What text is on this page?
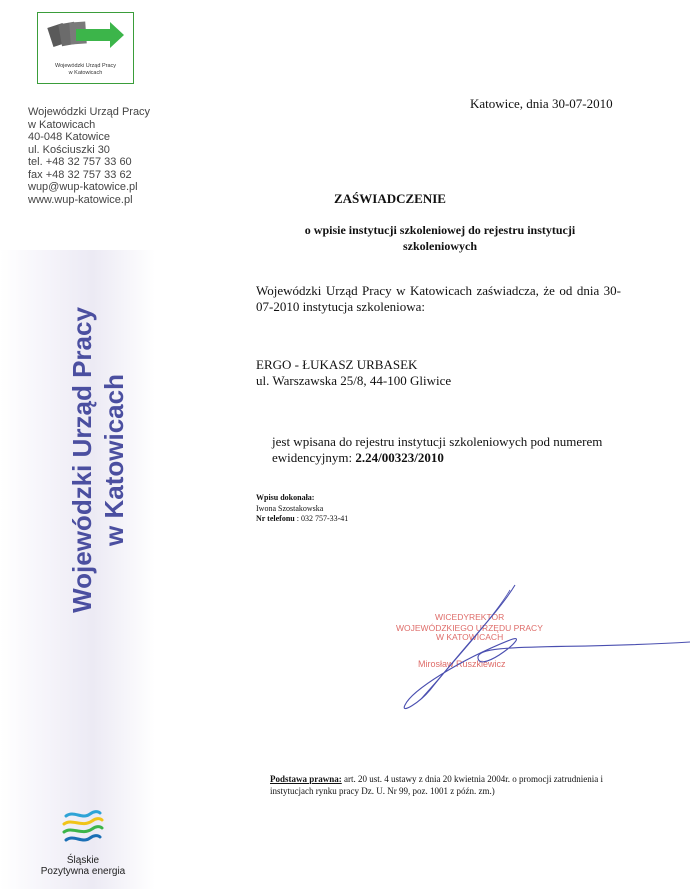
Wojewódzki Urząd Pracy
w Katowicach
Wojewódzki Urząd Pracy
w Katowicach
40-048 Katowice
ul. Kościuszki 30
tel. +48 32 757 33 60
fax +48 32 757 33 62
wup@wup-katowice.pl
www.wup-katowice.pl
Wojewódzki Urząd Pracy w Katowicach
Katowice, dnia 30-07-2010
ZAŚWIADCZENIE
o wpisie instytucji szkoleniowej do rejestru instytucji szkoleniowych
Wojewódzki Urząd Pracy w Katowicach zaświadcza, że od dnia 30-07-2010 instytucja szkoleniowa:
ERGO - ŁUKASZ URBASEK
ul. Warszawska 25/8, 44-100 Gliwice
jest wpisana do rejestru instytucji szkoleniowych pod numerem ewidencyjnym: 2.24/00323/2010
Wpisu dokonała:
Iwona Szostakowska
Nr telefonu : 032 757-33-41
WICEDYREKTOR
WOJEWÓDZKIEGO URZĘDU PRACY
W KATOWICACH
Mirosław Ruszkiewicz
Podstawa prawna: art. 20 ust. 4 ustawy z dnia 20 kwietnia 2004r. o promocji zatrudnienia i instytucjach rynku pracy Dz. U. Nr 99, poz. 1001 z późn. zm.)
Śląskie
Pozytywna energia
